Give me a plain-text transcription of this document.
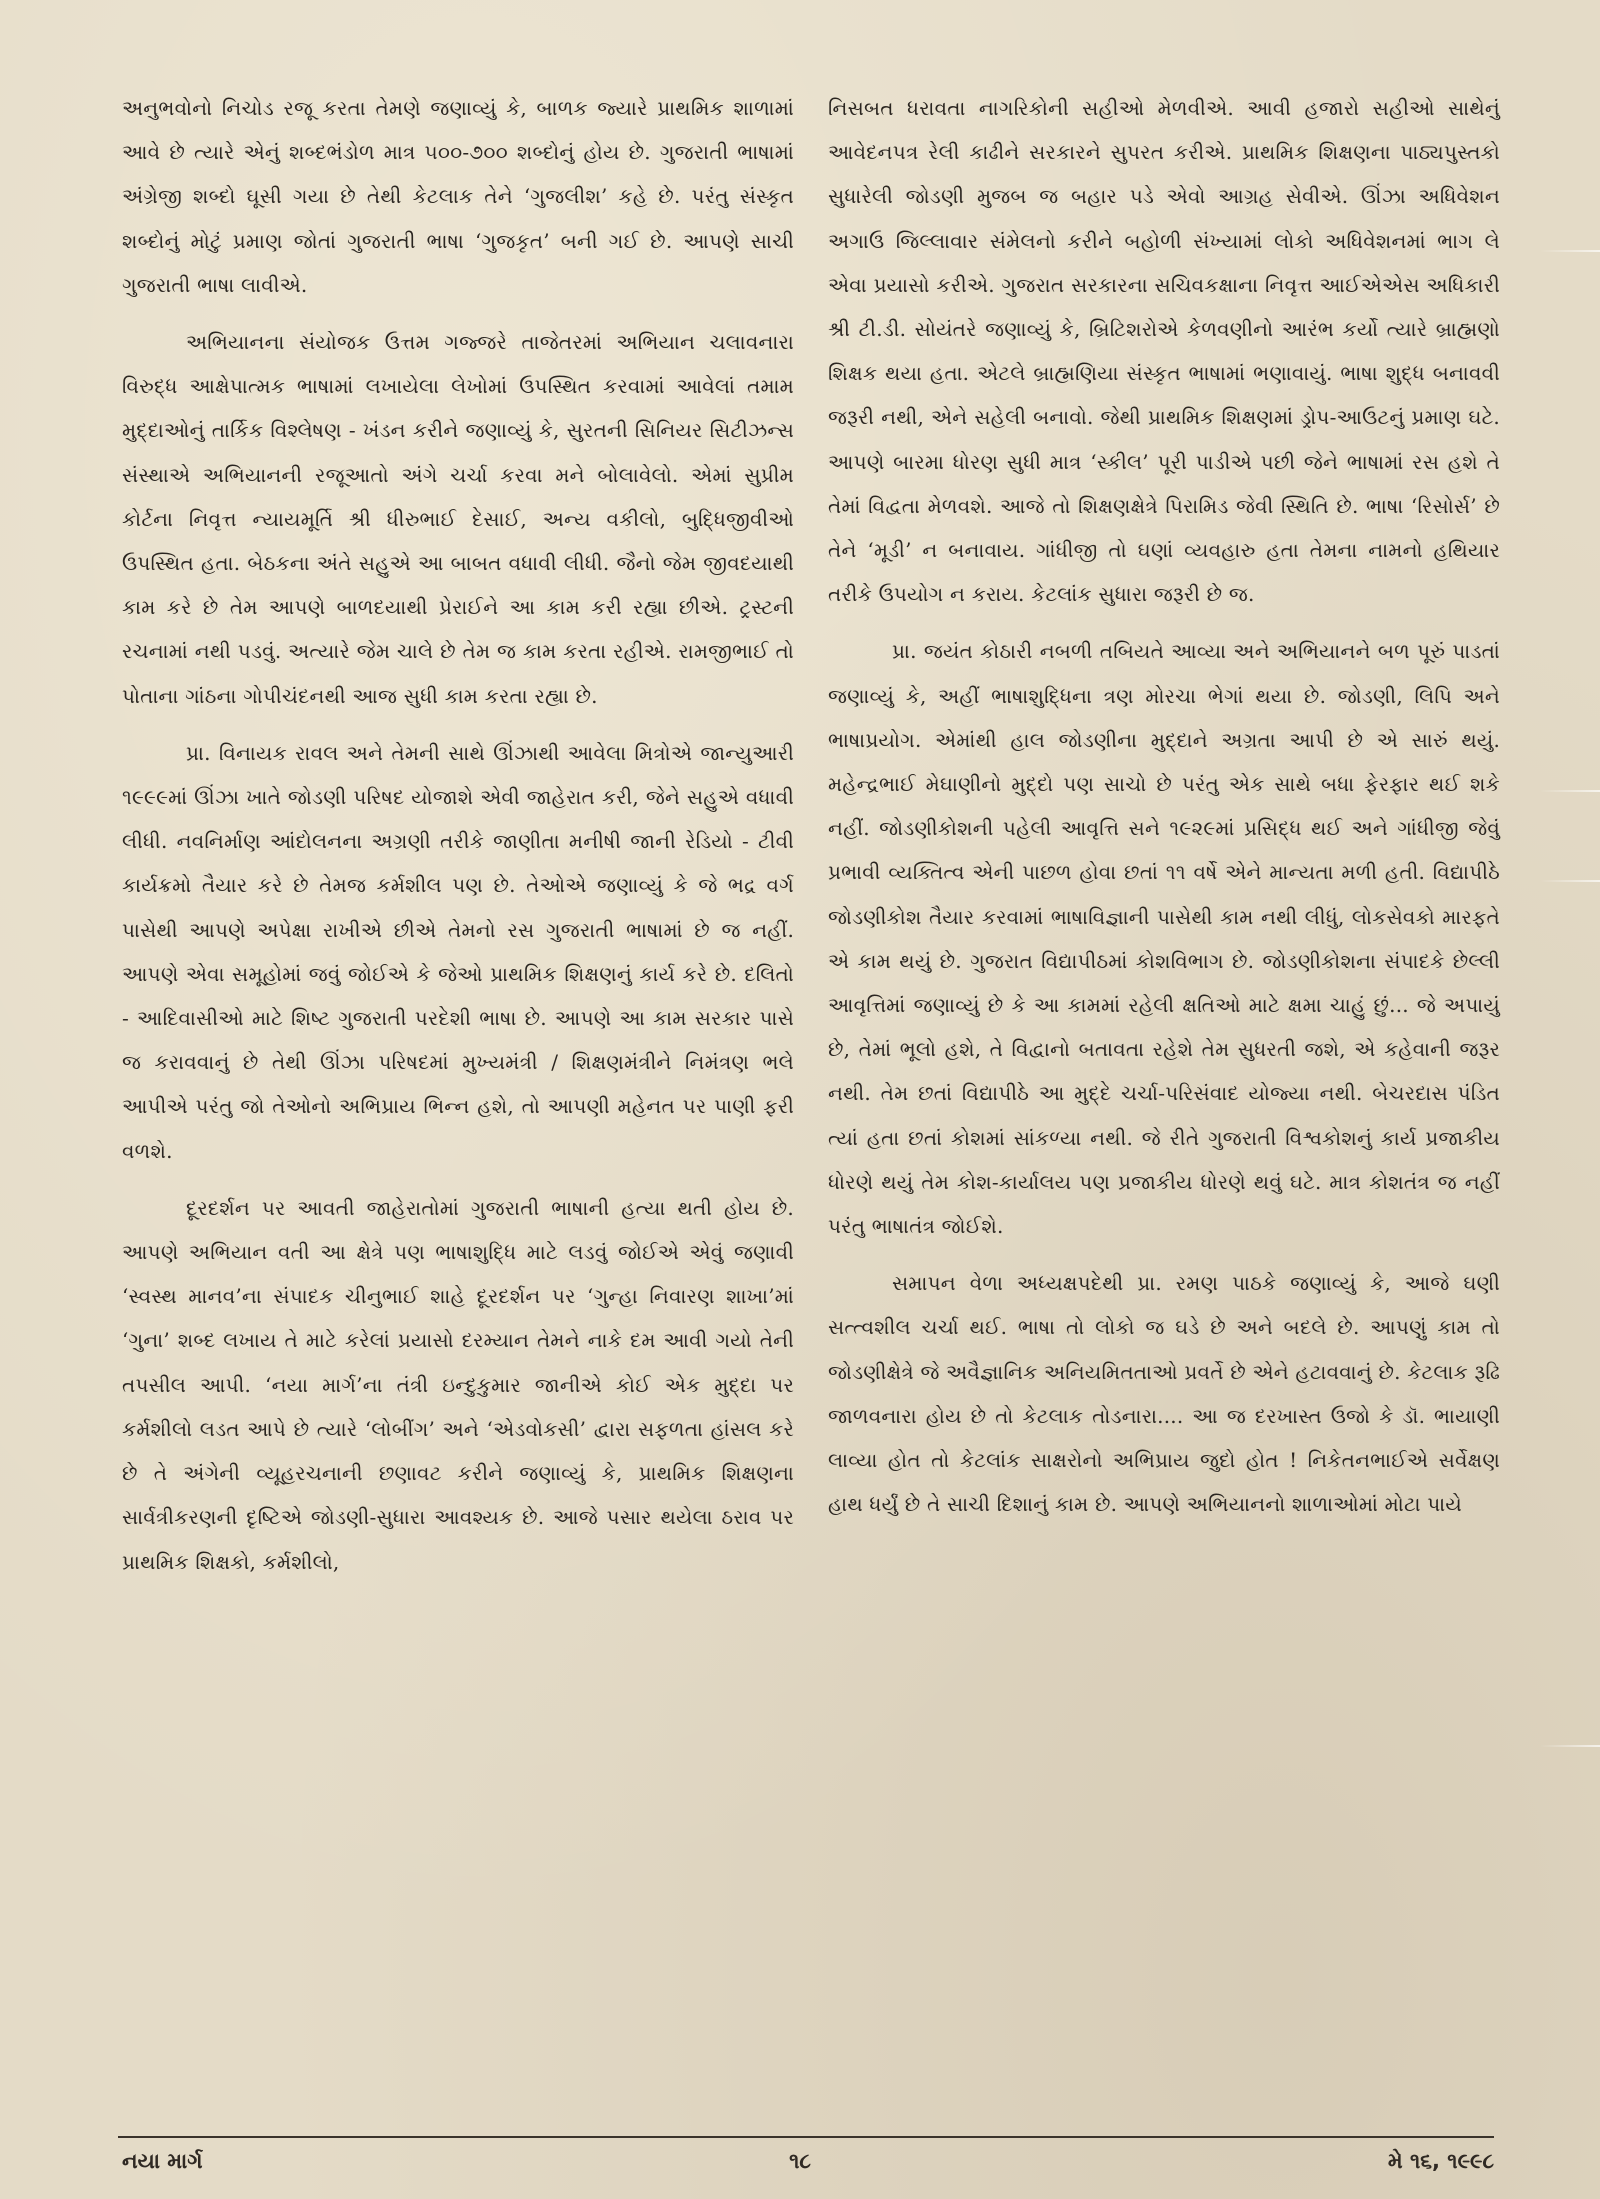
અનુભવોનો નિચોડ રજૂ કરતા તેમણે જણાવ્યું કે, બાળક જ્યારે પ્રાથમિક શાળામાં આવે છે ત્યારે એનું શબ્દભંડોળ માત્ર ૫૦૦-૭૦૦ શબ્દોનું હોય છે. ગુજરાતી ભાષામાં અંગ્રેજી શબ્દો ઘૂસી ગયા છે તેથી કેટલાક તેને ‘ગુજલીશ’ કહે છે. પરંતુ સંસ્કૃત શબ્દોનું મોટું પ્રમાણ જોતાં ગુજરાતી ભાષા ‘ગુજકૃત’ બની ગઈ છે. આપણે સાચી ગુજરાતી ભાષા લાવીએ.

અભિયાનના સંયોજક ઉત્તમ ગજ્જરે તાજેતરમાં અભિયાન ચલાવનારા વિરુદ્ધ આક્ષેપાત્મક ભાષામાં લખાયેલા લેખોમાં ઉપસ્થિત કરવામાં આવેલાં તમામ મુદ્દાઓનું તાર્કિક વિશ્લેષણ - ખંડન કરીને જણાવ્યું કે, સુરતની સિનિયર સિટીઝન્સ સંસ્થાએ અભિયાનની રજૂઆતો અંગે ચર્ચા કરવા મને બોલાવેલો. એમાં સુપ્રીમ કોર્ટના નિવૃત્ત ન્યાયમૂર્તિ શ્રી ધીરુભાઈ દેસાઈ, અન્ય વકીલો, બુદ્ધિજીવીઓ ઉપસ્થિત હતા. બેઠકના અંતે સહુએ આ બાબત વધાવી લીધી. જૈનો જેમ જીવદયાથી કામ કરે છે તેમ આપણે બાળદયાથી પ્રેરાઈને આ કામ કરી રહ્યા છીએ. ટ્રસ્ટની રચનામાં નથી પડવું. અત્યારે જેમ ચાલે છે તેમ જ કામ કરતા રહીએ. રામજીભાઈ તો પોતાના ગાંઠના ગોપીચંદનથી આજ સુધી કામ કરતા રહ્યા છે.

પ્રા. વિનાયક રાવલ અને તેમની સાથે ઊંઝાથી આવેલા મિત્રોએ જાન્યુઆરી ૧૯૯૯માં ઊંઝા ખાતે જોડણી પરિષદ યોજાશે એવી જાહેરાત કરી, જેને સહુએ વધાવી લીધી. નવનિર્માણ આંદોલનના અગ્રણી તરીકે જાણીતા મનીષી જાની રેડિયો - ટીવી કાર્યક્રમો તૈયાર કરે છે તેમજ કર્મશીલ પણ છે. તેઓએ જણાવ્યું કે જે ભદ્ર વર્ગ પાસેથી આપણે અપેક્ષા રાખીએ છીએ તેમનો રસ ગુજરાતી ભાષામાં છે જ નહીં. આપણે એવા સમૂહોમાં જવું જોઈએ કે જેઓ પ્રાથમિક શિક્ષણનું કાર્ય કરે છે. દલિતો - આદિવાસીઓ માટે શિષ્ટ ગુજરાતી પરદેશી ભાષા છે. આપણે આ કામ સરકાર પાસે જ કરાવવાનું છે તેથી ઊંઝા પરિષદમાં મુખ્યમંત્રી / શિક્ષણમંત્રીને નિમંત્રણ ભલે આપીએ પરંતુ જો તેઓનો અભિપ્રાય ભિન્ન હશે, તો આપણી મહેનત પર પાણી ફરી વળશે.

દૂરદર્શન પર આવતી જાહેરાતોમાં ગુજરાતી ભાષાની હત્યા થતી હોય છે. આપણે અભિયાન વતી આ ક્ષેત્રે પણ ભાષાશુદ્ધિ માટે લડવું જોઈએ એવું જણાવી ‘સ્વસ્થ માનવ’ના સંપાદક ચીનુભાઈ શાહે દૂરદર્શન પર ‘ગુન્હા નિવારણ શાખા’માં ‘ગુના’ શબ્દ લખાય તે માટે કરેલાં પ્રયાસો દરમ્યાન તેમને નાકે દમ આવી ગયો તેની તપસીલ આપી. ‘નયા માર્ગ’ના તંત્રી ઇન્દુકુમાર જાનીએ કોઈ એક મુદ્દા પર કર્મશીલો લડત આપે છે ત્યારે ‘લોબીંગ’ અને ‘એડવોકસી’ દ્વારા સફળતા હાંસલ કરે છે તે અંગેની વ્યૂહરચનાની છણાવટ કરીને જણાવ્યું કે, પ્રાથમિક શિક્ષણના સાર્વત્રીકરણની દૃષ્ટિએ જોડણી-સુધારા આવશ્યક છે. આજે પસાર થયેલા ઠરાવ પર પ્રાથમિક શિક્ષકો, કર્મશીલો,

નિસબત ધરાવતા નાગરિકોની સહીઓ મેળવીએ. આવી હજારો સહીઓ સાથેનું આવેદનપત્ર રેલી કાઢીને સરકારને સુપરત કરીએ. પ્રાથમિક શિક્ષણના પાઠ્યપુસ્તકો સુધારેલી જોડણી મુજબ જ બહાર પડે એવો આગ્રહ સેવીએ. ઊંઝા અધિવેશન અગાઉ જિલ્લાવાર સંમેલનો કરીને બહોળી સંખ્યામાં લોકો અધિવેશનમાં ભાગ લે એવા પ્રયાસો કરીએ. ગુજરાત સરકારના સચિવકક્ષાના નિવૃત્ત આઈએએસ અધિકારી શ્રી ટી.ડી. સોયંતરે જણાવ્યું કે, બ્રિટિશરોએ કેળવણીનો આરંભ કર્યો ત્યારે બ્રાહ્મણો શિક્ષક થયા હતા. એટલે બ્રાહ્મણિયા સંસ્કૃત ભાષામાં ભણાવાયું. ભાષા શુદ્ધ બનાવવી જરૂરી નથી, એને સહેલી બનાવો. જેથી પ્રાથમિક શિક્ષણમાં ડ્રોપ-આઉટનું પ્રમાણ ઘટે. આપણે બારમા ધોરણ સુધી માત્ર ‘સ્કીલ’ પૂરી પાડીએ પછી જેને ભાષામાં રસ હશે તે તેમાં વિદ્વતા મેળવશે. આજે તો શિક્ષણક્ષેત્રે પિરામિડ જેવી સ્થિતિ છે. ભાષા ‘રિસોર્સ’ છે તેને ‘મૂડી’ ન બનાવાય. ગાંધીજી તો ઘણાં વ્યવહારુ હતા તેમના નામનો હથિયાર તરીકે ઉપયોગ ન કરાય. કેટલાંક સુધારા જરૂરી છે જ.

પ્રા. જયંત કોઠારી નબળી તબિયતે આવ્યા અને અભિયાનને બળ પૂરું પાડતાં જણાવ્યું કે, અહીં ભાષાશુદ્ધિના ત્રણ મોરચા ભેગાં થયા છે. જોડણી, લિપિ અને ભાષાપ્રયોગ. એમાંથી હાલ જોડણીના મુદ્દાને અગ્રતા આપી છે એ સારું થયું. મહેન્દ્રભાઈ મેઘાણીનો મુદ્દો પણ સાચો છે પરંતુ એક સાથે બધા ફેરફાર થઈ શકે નહીં. જોડણીકોશની પહેલી આવૃત્તિ સને ૧૯૨૯માં પ્રસિદ્ધ થઈ અને ગાંધીજી જેવું પ્રભાવી વ્યક્તિત્વ એની પાછળ હોવા છતાં ૧૧ વર્ષે એને માન્યતા મળી હતી. વિદ્યાપીઠે જોડણીકોશ તૈયાર કરવામાં ભાષાવિજ્ઞાની પાસેથી કામ નથી લીધું, લોકસેવકો મારફતે એ કામ થયું છે. ગુજરાત વિદ્યાપીઠમાં કોશવિભાગ છે. જોડણીકોશના સંપાદકે છેલ્લી આવૃત્તિમાં જણાવ્યું છે કે આ કામમાં રહેલી ક્ષતિઓ માટે ક્ષમા ચાહું છું... જે અપાયું છે, તેમાં ભૂલો હશે, તે વિદ્વાનો બતાવતા રહેશે તેમ સુધરતી જશે, એ કહેવાની જરૂર નથી. તેમ છતાં વિદ્યાપીઠે આ મુદ્દે ચર્ચા-પરિસંવાદ યોજ્યા નથી. બેચરદાસ પંડિત ત્યાં હતા છતાં કોશમાં સાંકળ્યા નથી. જે રીતે ગુજરાતી વિશ્વકોશનું કાર્ય પ્રજાકીય ધોરણે થયું તેમ કોશ-કાર્યાલય પણ પ્રજાકીય ધોરણે થવું ઘટે. માત્ર કોશતંત્ર જ નહીં પરંતુ ભાષાતંત્ર જોઈશે.

સમાપન વેળા અધ્યક્ષપદેથી પ્રા. રમણ પાઠકે જણાવ્યું કે, આજે ઘણી સત્ત્વશીલ ચર્ચા થઈ. ભાષા તો લોકો જ ઘડે છે અને બદલે છે. આપણું કામ તો જોડણીક્ષેત્રે જે અવૈજ્ઞાનિક અનિયમિતતાઓ પ્રવર્તે છે એને હટાવવાનું છે. કેટલાક રૂઢિ જાળવનારા હોય છે તો કેટલાક તોડનારા.... આ જ દરખાસ્ત ઉજો કે ડૉ. ભાયાણી લાવ્યા હોત તો કેટલાંક સાક્ષરોનો અભિપ્રાય જુદો હોત ! નિકેતનભાઈએ સર્વેક્ષણ હાથ ધર્યું છે તે સાચી દિશાનું કામ છે. આપણે અભિયાનનો શાળાઓમાં મોટા પાયે

નયા માર્ગ	૧૮	મે ૧૬, ૧૯૯૮
